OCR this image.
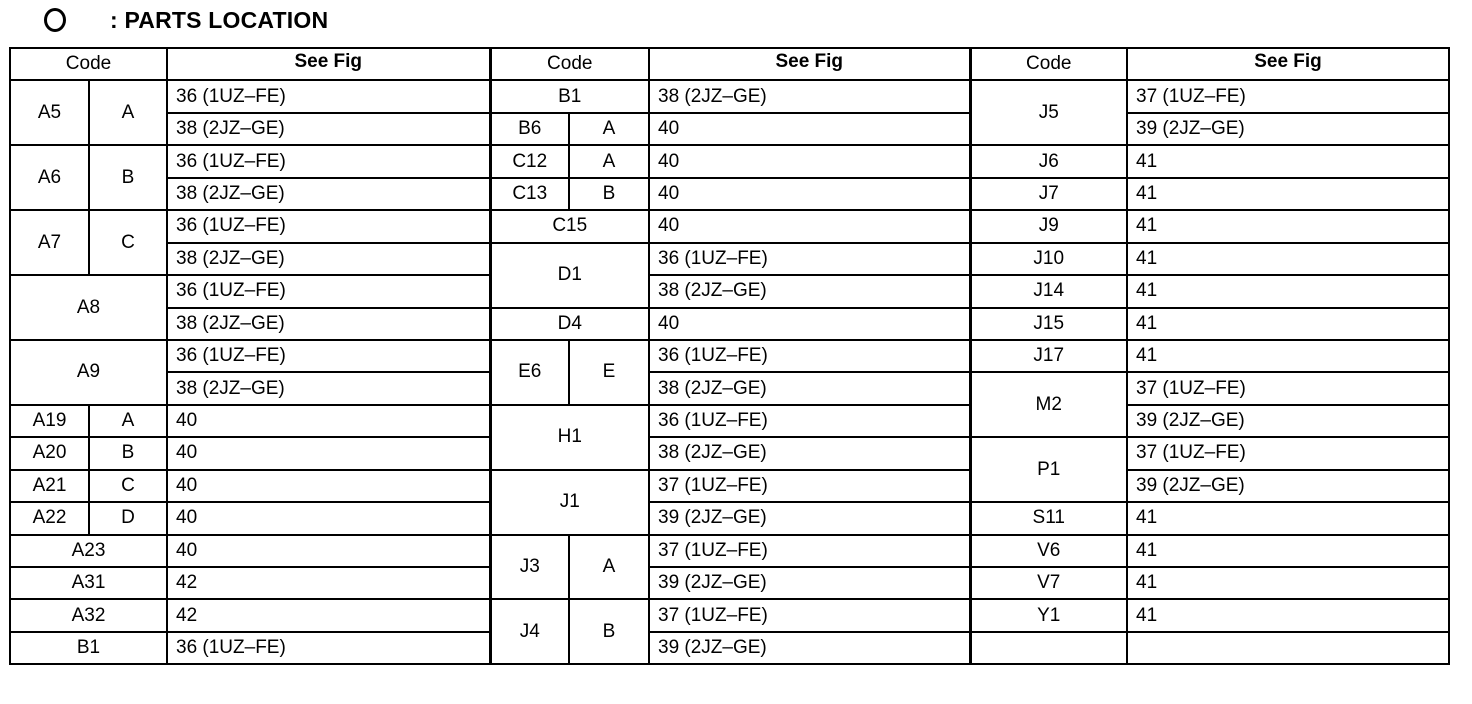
: PARTS LOCATION
Code		See Fig	Code		See Fig	Code	See Fig
A5	A	36 (1UZ–FE)	B1		38 (2JZ–GE)	J5	37 (1UZ–FE)
		38 (2JZ–GE)	B6	A	40		39 (2JZ–GE)
A6	B	36 (1UZ–FE)	C12	A	40	J6	41
		38 (2JZ–GE)	C13	B	40	J7	41
A7	C	36 (1UZ–FE)	C15		40	J9	41
		38 (2JZ–GE)	D1		36 (1UZ–FE)	J10	41
A8		36 (1UZ–FE)			38 (2JZ–GE)	J14	41
		38 (2JZ–GE)	D4		40	J15	41
A9		36 (1UZ–FE)	E6	E	36 (1UZ–FE)	J17	41
		38 (2JZ–GE)			38 (2JZ–GE)	M2	37 (1UZ–FE)
A19	A	40	H1		36 (1UZ–FE)		39 (2JZ–GE)
A20	B	40			38 (2JZ–GE)	P1	37 (1UZ–FE)
A21	C	40	J1		37 (1UZ–FE)		39 (2JZ–GE)
A22	D	40			39 (2JZ–GE)	S11	41
A23		40	J3	A	37 (1UZ–FE)	V6	41
A31		42			39 (2JZ–GE)	V7	41
A32		42	J4	B	37 (1UZ–FE)	Y1	41
B1		36 (1UZ–FE)			39 (2JZ–GE)		
